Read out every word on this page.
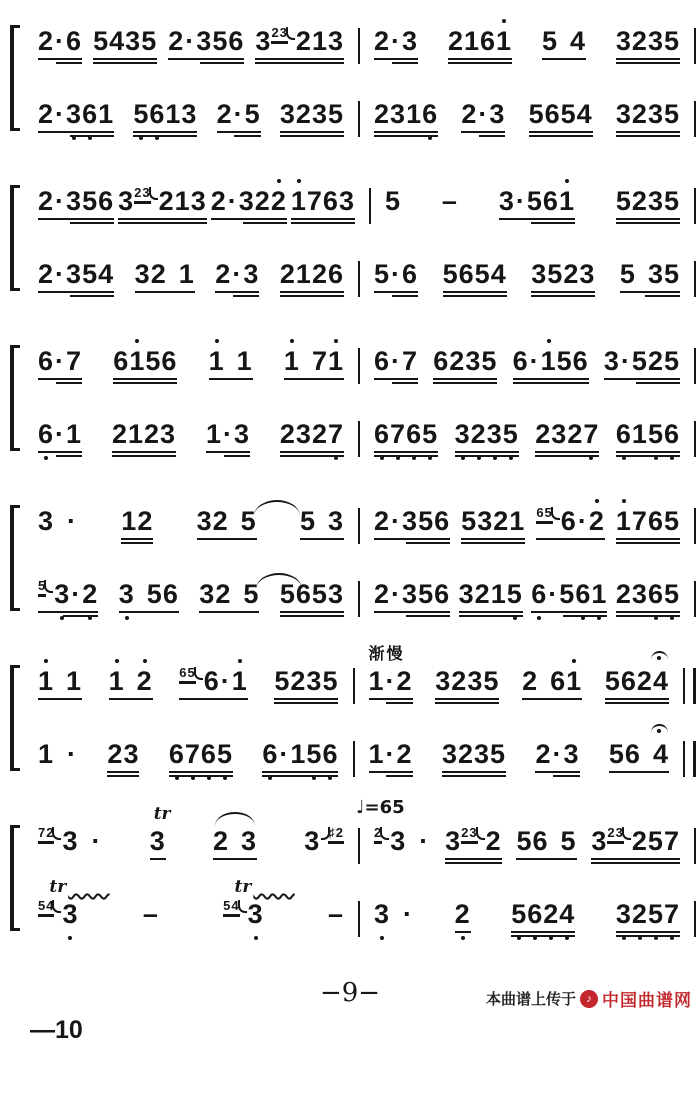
2·6 5435 2·356 323 213 2·3 2161 5 4 3235
2·3
6
1 5
6
13 2·5 3235 2316 2·3 5654 3235
2·356 323 213 2·322 1
763 5 – 3·561 5235
2·354 32 1 2·3 2126 5·6 5654 3523 5 35
6·7 61
56 1 1 1 71 6·7 6235 6·1
56 3·525
6
·1 2123 1·3 2327 6
7
6
5 3
2
3
5 2327 6
15
6
3 · 12 32 5 5 3 2·356 5321 65 6·2 1
765
5 3
·2 3 56 32 5 5653 2·356 3215 6
·56
1 236
5
1 1 1 2 65 6·1 5235
渐慢
1·2 3235 2 61 5624
1 · 23 6
7
6
5 6
·15
6 1·2 3235 2·3 56 4
72 3 ·
tr
3 2 3 3 ♯2
♩=65
2 3 · 323 2 56 5 323 257
tr
54 3 –
tr
54 3 – 3 · 2 5
6
2
4 3
2
5
7
−9−
—10
本曲谱上传于 ♪ 中国曲谱网
